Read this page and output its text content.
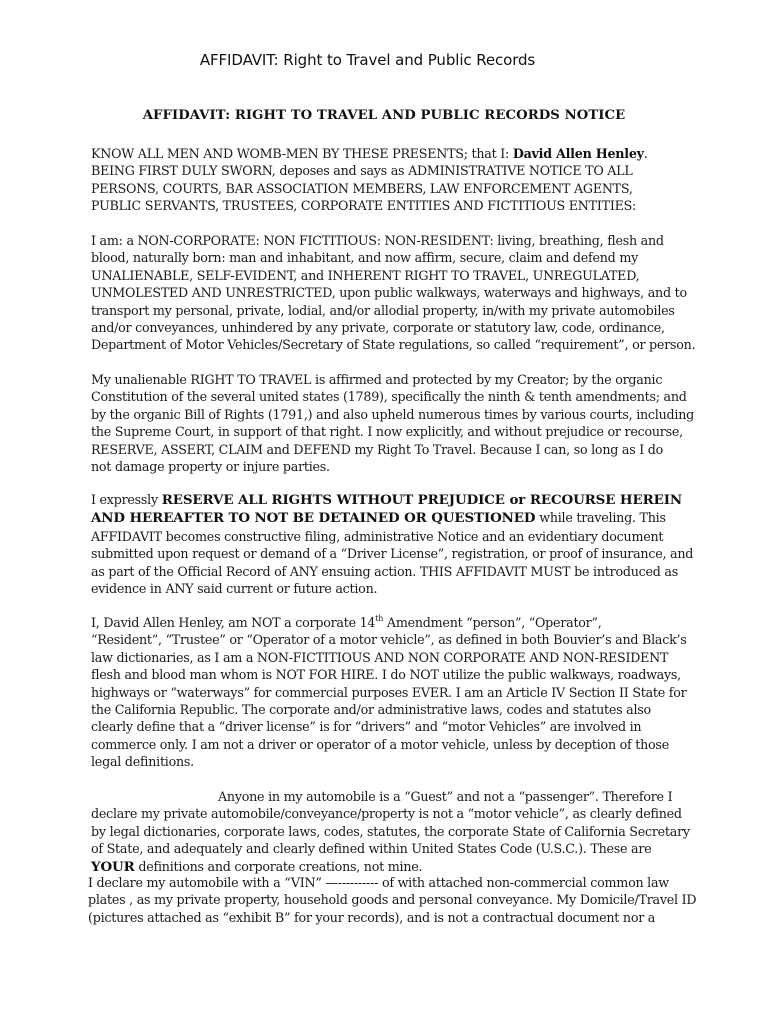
AFFIDAVIT: Right to Travel and Public Records
AFFIDAVIT: RIGHT TO TRAVEL AND PUBLIC RECORDS NOTICE

KNOW ALL MEN AND WOMB-MEN BY THESE PRESENTS; that I: David Allen Henley.
BEING FIRST DULY SWORN, deposes and says as ADMINISTRATIVE NOTICE TO ALL
PERSONS, COURTS, BAR ASSOCIATION MEMBERS, LAW ENFORCEMENT AGENTS,
PUBLIC SERVANTS, TRUSTEES, CORPORATE ENTITIES AND FICTITIOUS ENTITIES:

I am: a NON-CORPORATE: NON FICTITIOUS: NON-RESIDENT: living, breathing, flesh and
blood, naturally born: man and inhabitant, and now affirm, secure, claim and defend my
UNALIENABLE, SELF-EVIDENT, and INHERENT RIGHT TO TRAVEL, UNREGULATED,
UNMOLESTED AND UNRESTRICTED, upon public walkways, waterways and highways, and to
transport my personal, private, lodial, and/or allodial property, in/with my private automobiles
and/or conveyances, unhindered by any private, corporate or statutory law, code, ordinance,
Department of Motor Vehicles/Secretary of State regulations, so called “requirement”, or person.

My unalienable RIGHT TO TRAVEL is affirmed and protected by my Creator; by the organic
Constitution of the several united states (1789), specifically the ninth & tenth amendments; and
by the organic Bill of Rights (1791,) and also upheld numerous times by various courts, including
the Supreme Court, in support of that right. I now explicitly, and without prejudice or recourse,
RESERVE, ASSERT, CLAIM and DEFEND my Right To Travel. Because I can, so long as I do
not damage property or injure parties.

I expressly RESERVE ALL RIGHTS WITHOUT PREJUDICE or RECOURSE HEREIN
AND HEREAFTER TO NOT BE DETAINED OR QUESTIONED while traveling. This
AFFIDAVIT becomes constructive filing, administrative Notice and an evidentiary document
submitted upon request or demand of a “Driver License”, registration, or proof of insurance, and
as part of the Official Record of ANY ensuing action. THIS AFFIDAVIT MUST be introduced as
evidence in ANY said current or future action.

I, David Allen Henley, am NOT a corporate 14th Amendment “person”, “Operator”,
“Resident”, “Trustee” or “Operator of a motor vehicle”, as defined in both Bouvier’s and Black’s
law dictionaries, as I am a NON-FICTITIOUS AND NON CORPORATE AND NON-RESIDENT
flesh and blood man whom is NOT FOR HIRE. I do NOT utilize the public walkways, roadways,
highways or “waterways” for commercial purposes EVER. I am an Article IV Section II State for
the California Republic. The corporate and/or administrative laws, codes and statutes also
clearly define that a “driver license” is for “drivers” and “motor Vehicles” are involved in
commerce only. I am not a driver or operator of a motor vehicle, unless by deception of those
legal definitions.

Anyone in my automobile is a “Guest” and not a “passenger”. Therefore I
declare my private automobile/conveyance/property is not a “motor vehicle”, as clearly defined
by legal dictionaries, corporate laws, codes, statutes, the corporate State of California Secretary
of State, and adequately and clearly defined within United States Code (U.S.C.). These are
YOUR definitions and corporate creations, not mine.

I declare my automobile with a “VIN” —---------- of with attached non-commercial common law
plates , as my private property, household goods and personal conveyance. My Domicile/Travel ID
(pictures attached as “exhibit B” for your records), and is not a contractual document nor a
